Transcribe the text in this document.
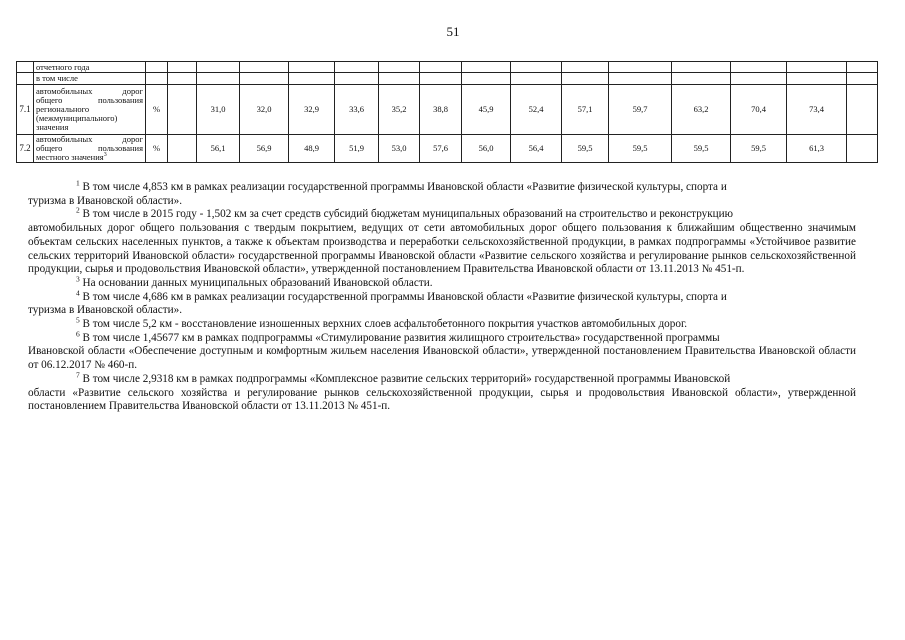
51
	отчетного года																
	в том числе																
7.1	автомобильных дорог общего пользования регионального (межмуниципального) значения	%		31,0	32,0	32,9	33,6	35,2	38,8	45,9	52,4	57,1	59,7	63,2	70,4	73,4	
7.2	автомобильных дорог общего пользования местного значения$^3$	%		56,1	56,9	48,9	51,9	53,0	57,6	56,0	56,4	59,5	59,5	59,5	59,5	61,3	

$^1$ В том числе 4,853 км в рамках реализации государственной программы Ивановской области «Развитие физической культуры, спорта и
туризма в Ивановской области».

$^2$ В том числе в 2015 году - 1,502 км за счет средств субсидий бюджетам муниципальных образований на строительство и реконструкцию
автомобильных дорог общего пользования с твердым покрытием, ведущих от сети автомобильных дорог общего пользования к ближайшим общественно значимым объектам сельских населенных пунктов, а также к объектам производства и переработки сельскохозяйственной продукции, в рамках подпрограммы «Устойчивое развитие сельских территорий Ивановской области» государственной программы Ивановской области «Развитие сельского хозяйства и регулирование рынков сельскохозяйственной продукции, сырья и продовольствия Ивановской области», утвержденной постановлением Правительства Ивановской области от 13.11.2013 № 451-п.

$^3$ На основании данных муниципальных образований Ивановской области.

$^4$ В том числе 4,686 км в рамках реализации государственной программы Ивановской области «Развитие физической культуры, спорта и
туризма в Ивановской области».

$^5$ В том числе 5,2 км - восстановление изношенных верхних слоев асфальтобетонного покрытия участков автомобильных дорог.

$^6$ В том числе 1,45677 км в рамках подпрограммы «Стимулирование развития жилищного строительства» государственной программы
Ивановской области «Обеспечение доступным и комфортным жильем населения Ивановской области», утвержденной постановлением Правительства Ивановской области от 06.12.2017 № 460-п.

$^7$ В том числе 2,9318 км в рамках подпрограммы «Комплексное развитие сельских территорий» государственной программы Ивановской
области «Развитие сельского хозяйства и регулирование рынков сельскохозяйственной продукции, сырья и продовольствия Ивановской области», утвержденной постановлением Правительства Ивановской области от 13.11.2013 № 451-п.
